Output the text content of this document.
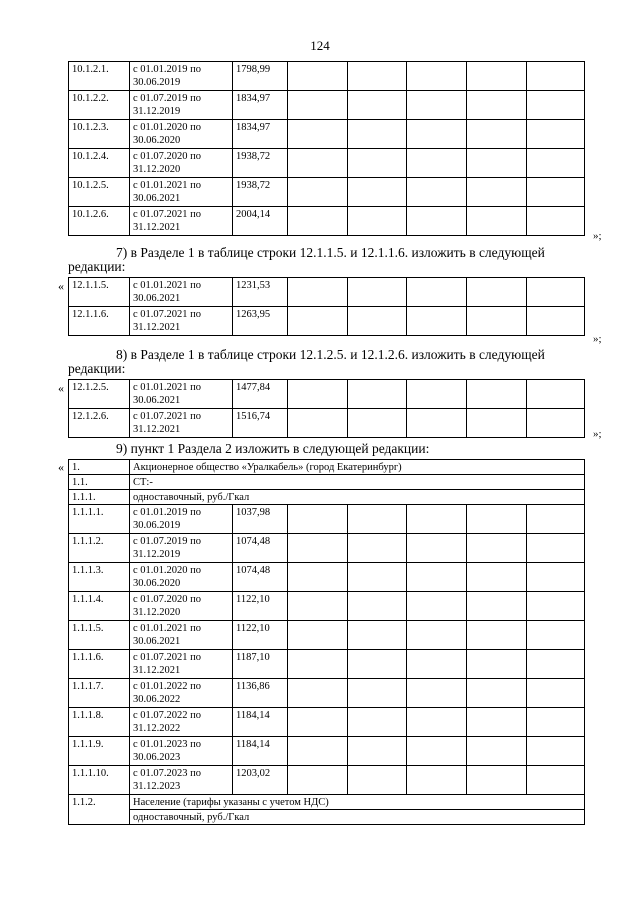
124
10.1.2.1.	с 01.01.2019 по
30.06.2019	1798,99					
10.1.2.2.	с 01.07.2019 по
31.12.2019	1834,97					
10.1.2.3.	с 01.01.2020 по
30.06.2020	1834,97					
10.1.2.4.	с 01.07.2020 по
31.12.2020	1938,72					
10.1.2.5.	с 01.01.2021 по
30.06.2021	1938,72					
10.1.2.6.	с 01.07.2021 по
31.12.2021	2004,14					
»;
7) в Разделе 1 в таблице строки 12.1.1.5. и 12.1.1.6. изложить в следующей
редакции:
« 12.1.1.5.	с 01.01.2021 по
30.06.2021	1231,53					
12.1.1.6.	с 01.07.2021 по
31.12.2021	1263,95					
»;
8) в Разделе 1 в таблице строки 12.1.2.5. и 12.1.2.6. изложить в следующей
редакции:
« 12.1.2.5.	с 01.01.2021 по
30.06.2021	1477,84					
12.1.2.6.	с 01.07.2021 по
31.12.2021	1516,74					
»;
9) пункт 1 Раздела 2 изложить в следующей редакции:
« 1.	Акционерное общество «Уралкабель» (город Екатеринбург)						
1.1.	СТ:-						
1.1.1.	одноставочный, руб./Гкал						
1.1.1.1.	с 01.01.2019 по
30.06.2019	1037,98					
1.1.1.2.	с 01.07.2019 по
31.12.2019	1074,48					
1.1.1.3.	с 01.01.2020 по
30.06.2020	1074,48					
1.1.1.4.	с 01.07.2020 по
31.12.2020	1122,10					
1.1.1.5.	с 01.01.2021 по
30.06.2021	1122,10					
1.1.1.6.	с 01.07.2021 по
31.12.2021	1187,10					
1.1.1.7.	с 01.01.2022 по
30.06.2022	1136,86					
1.1.1.8.	с 01.07.2022 по
31.12.2022	1184,14					
1.1.1.9.	с 01.01.2023 по
30.06.2023	1184,14					
1.1.1.10.	с 01.07.2023 по
31.12.2023	1203,02					
1.1.2.	Население (тарифы указаны с учетом НДС)						
	одноставочный, руб./Гкал						
